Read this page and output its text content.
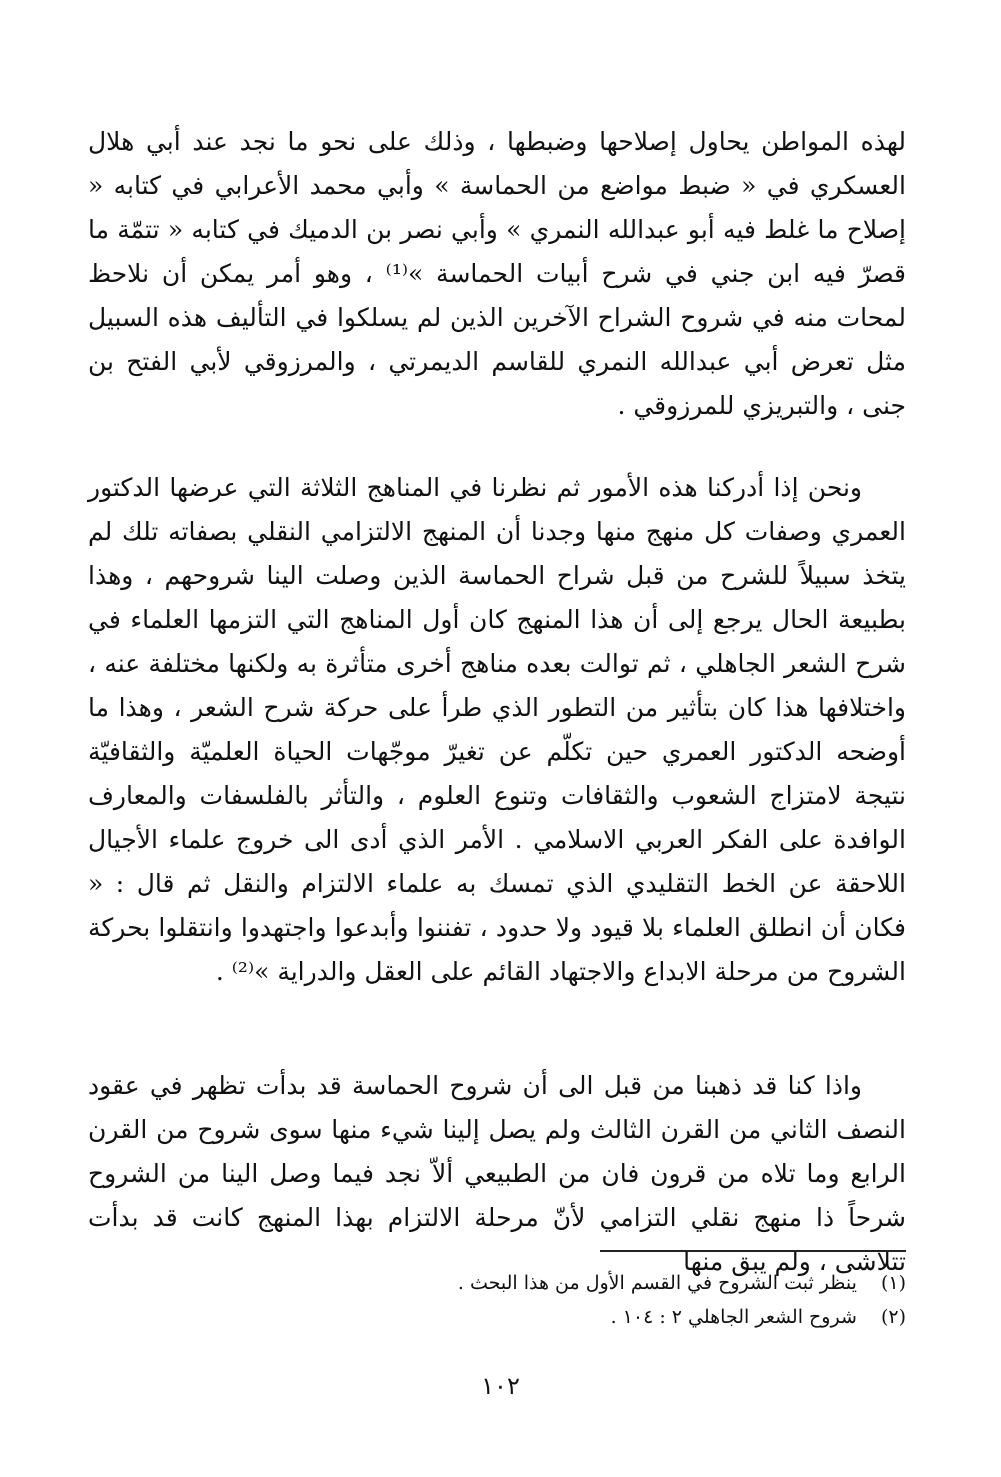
لهذه المواطن يحاول إصلاحها وضبطها ، وذلك على نحو ما نجد عند أبي هلال العسكري في « ضبط مواضع من الحماسة » وأبي محمد الأعرابي في كتابه « إصلاح ما غلط فيه أبو عبدالله النمري » وأبي نصر بن الدميك في كتابه « تتمّة ما قصرّ فيه ابن جني في شرح أبيات الحماسة »⁽¹⁾ ، وهو أمر يمكن أن نلاحظ لمحات منه في شروح الشراح الآخرين الذين لم يسلكوا في التأليف هذه السبيل مثل تعرض أبي عبدالله النمري للقاسم الديمرتي ، والمرزوقي لأبي الفتح بن جنى ، والتبريزي للمرزوقي .

ونحن إذا أدركنا هذه الأمور ثم نظرنا في المناهج الثلاثة التي عرضها الدكتور العمري وصفات كل منهج منها وجدنا أن المنهج الالتزامي النقلي بصفاته تلك لم يتخذ سبيلاً للشرح من قبل شراح الحماسة الذين وصلت الينا شروحهم ، وهذا بطبيعة الحال يرجع إلى أن هذا المنهج كان أول المناهج التي التزمها العلماء في شرح الشعر الجاهلي ، ثم توالت بعده مناهج أخرى متأثرة به ولكنها مختلفة عنه ، واختلافها هذا كان بتأثير من التطور الذي طرأ على حركة شرح الشعر ، وهذا ما أوضحه الدكتور العمري حين تكلّم عن تغيرّ موجّهات الحياة العلميّة والثقافيّة نتيجة لامتزاج الشعوب والثقافات وتنوع العلوم ، والتأثر بالفلسفات والمعارف الوافدة على الفكر العربي الاسلامي . الأمر الذي أدى الى خروج علماء الأجيال اللاحقة عن الخط التقليدي الذي تمسك به علماء الالتزام والنقل ثم قال : « فكان أن انطلق العلماء بلا قيود ولا حدود ، تفننوا وأبدعوا واجتهدوا وانتقلوا بحركة الشروح من مرحلة الابداع والاجتهاد القائم على العقل والدراية »⁽²⁾ .

واذا كنا قد ذهبنا من قبل الى أن شروح الحماسة قد بدأت تظهر في عقود النصف الثاني من القرن الثالث ولم يصل إلينا شيء منها سوى شروح من القرن الرابع وما تلاه من قرون فان من الطبيعي ألاّ نجد فيما وصل الينا من الشروح شرحاً ذا منهج نقلي التزامي لأنّ مرحلة الالتزام بهذا المنهج كانت قد بدأت تتلاشى ، ولم يبق منها

(١) ينظر ثبت الشروح في القسم الأول من هذا البحث .

(٢) شروح الشعر الجاهلي ٢ : ١٠٤ .

١٠٢
